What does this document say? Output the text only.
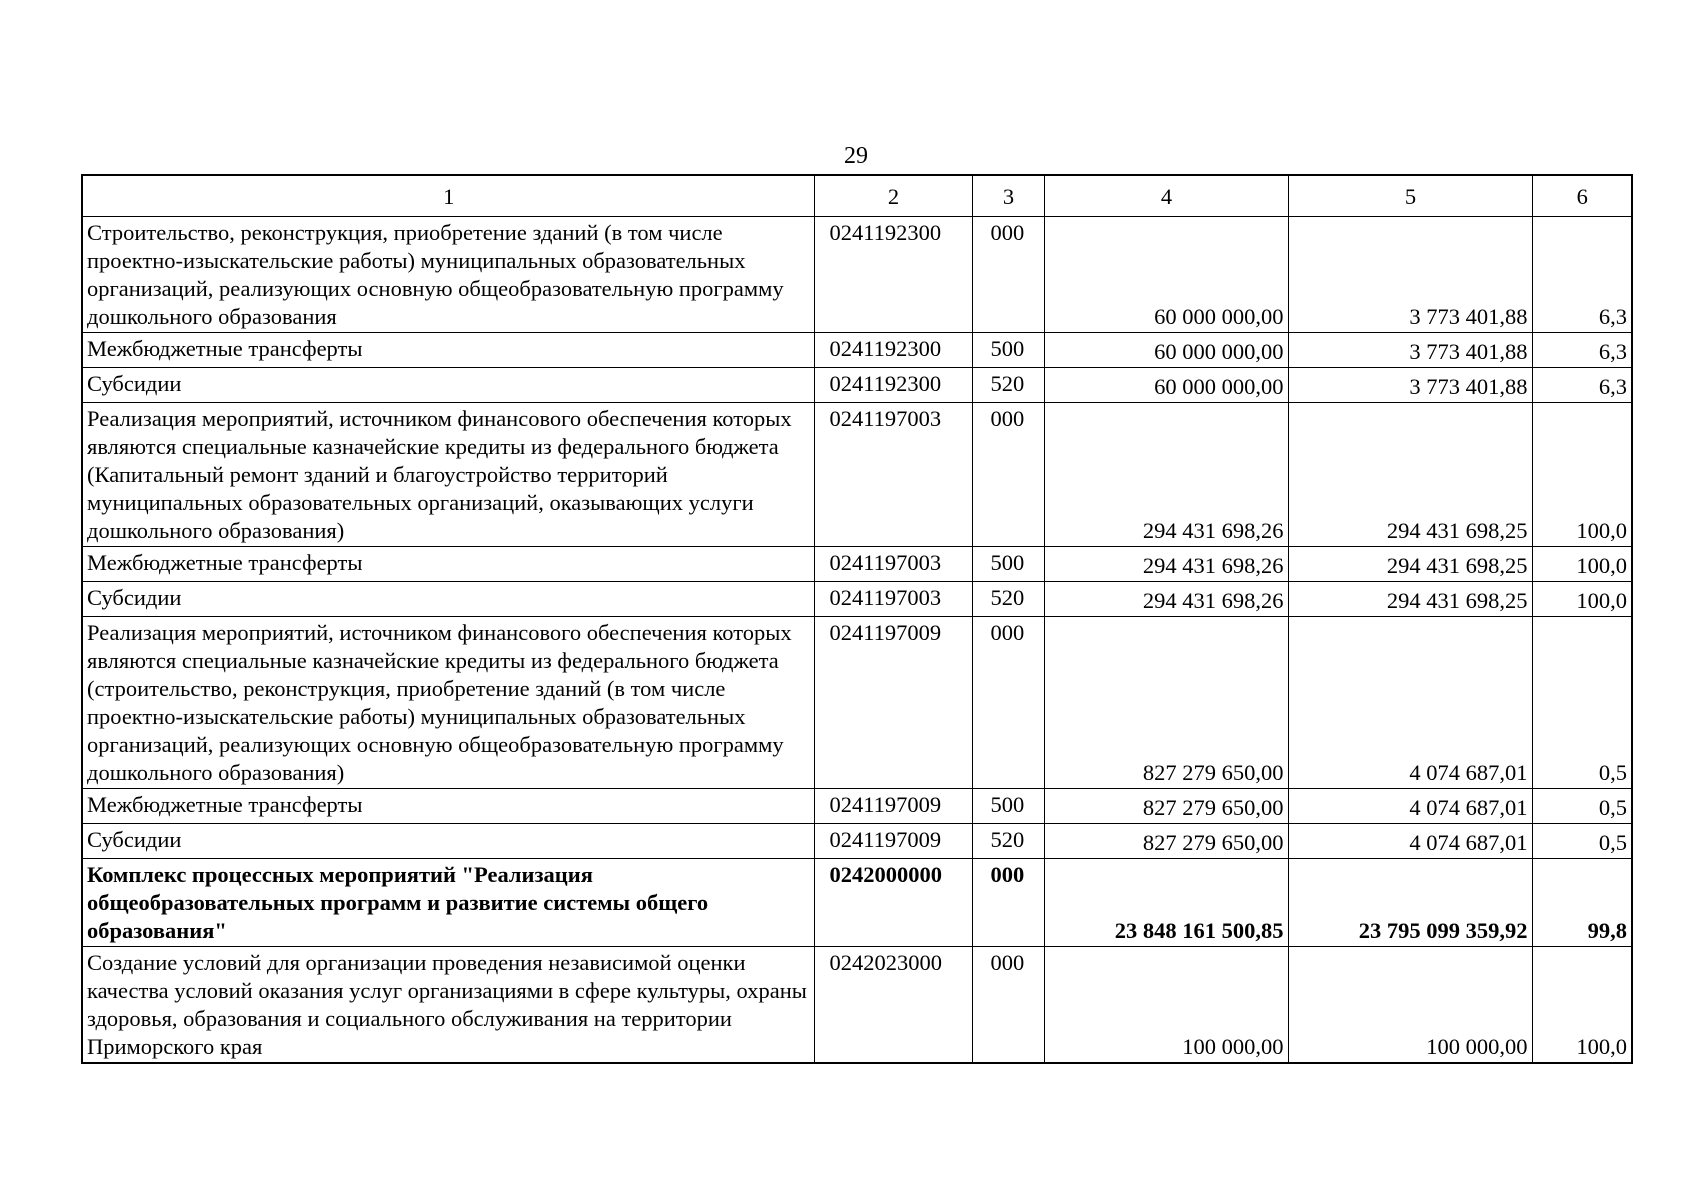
29
1	2	3	4	5	6
Строительство, реконструкция, приобретение зданий (в том числе проектно-изыскательские работы) муниципальных образовательных организаций, реализующих основную общеобразовательную программу дошкольного образования	0241192300	000	60 000 000,00	3 773 401,88	6,3
Межбюджетные трансферты	0241192300	500	60 000 000,00	3 773 401,88	6,3
Субсидии	0241192300	520	60 000 000,00	3 773 401,88	6,3
Реализация мероприятий, источником финансового обеспечения которых являются специальные казначейские кредиты из федерального бюджета (Капитальный ремонт зданий и благоустройство территорий муниципальных образовательных организаций, оказывающих услуги дошкольного образования)	0241197003	000	294 431 698,26	294 431 698,25	100,0
Межбюджетные трансферты	0241197003	500	294 431 698,26	294 431 698,25	100,0
Субсидии	0241197003	520	294 431 698,26	294 431 698,25	100,0
Реализация мероприятий, источником финансового обеспечения которых являются специальные казначейские кредиты из федерального бюджета (строительство, реконструкция, приобретение зданий (в том числе проектно-изыскательские работы) муниципальных образовательных организаций, реализующих основную общеобразовательную программу дошкольного образования)	0241197009	000	827 279 650,00	4 074 687,01	0,5
Межбюджетные трансферты	0241197009	500	827 279 650,00	4 074 687,01	0,5
Субсидии	0241197009	520	827 279 650,00	4 074 687,01	0,5
Комплекс процессных мероприятий "Реализация общеобразовательных программ и развитие системы общего образования"	0242000000	000	23 848 161 500,85	23 795 099 359,92	99,8
Создание условий для организации проведения независимой оценки качества условий оказания услуг организациями в сфере культуры, охраны здоровья, образования и социального обслуживания на территории Приморского края	0242023000	000	100 000,00	100 000,00	100,0
